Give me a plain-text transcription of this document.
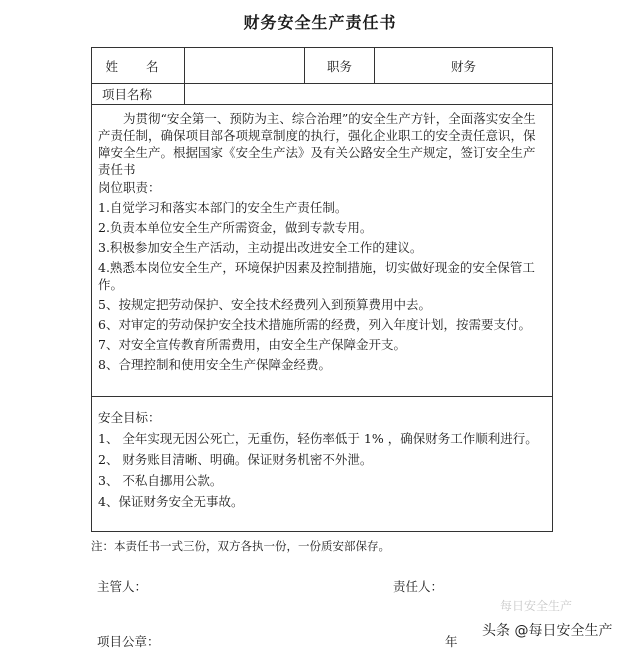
财务安全生产责任书
姓 名	职务	财务
项目名称
为贯彻“安全第一、预防为主、综合治理”的安全生产方针，全面落实安全生产责任制，确保项目部各项规章制度的执行，强化企业职工的安全责任意识，保障安全生产。根据国家《安全生产法》及有关公路安全生产规定，签订安全生产责任书
岗位职责：
1.自觉学习和落实本部门的安全生产责任制。
2.负责本单位安全生产所需资金，做到专款专用。
3.积极参加安全生产活动，主动提出改进安全工作的建议。
4.熟悉本岗位安全生产，环境保护因素及控制措施，切实做好现金的安全保管工作。
5、按规定把劳动保护、安全技术经费列入到预算费用中去。
6、对审定的劳动保护安全技术措施所需的经费，列入年度计划，按需要支付。
7、对安全宣传教育所需费用，由安全生产保障金开支。
8、合理控制和使用安全生产保障金经费。
安全目标：
1、 全年实现无因公死亡，无重伤，轻伤率低于 1% ，确保财务工作顺利进行。
2、 财务账目清晰、明确。保证财务机密不外泄。
3、 不私自挪用公款。
4、保证财务安全无事故。
注：本责任书一式三份，双方各执一份，一份质安部保存。
主管人：	责任人：
项目公章：	年
每日安全生产
头条 @每日安全生产
